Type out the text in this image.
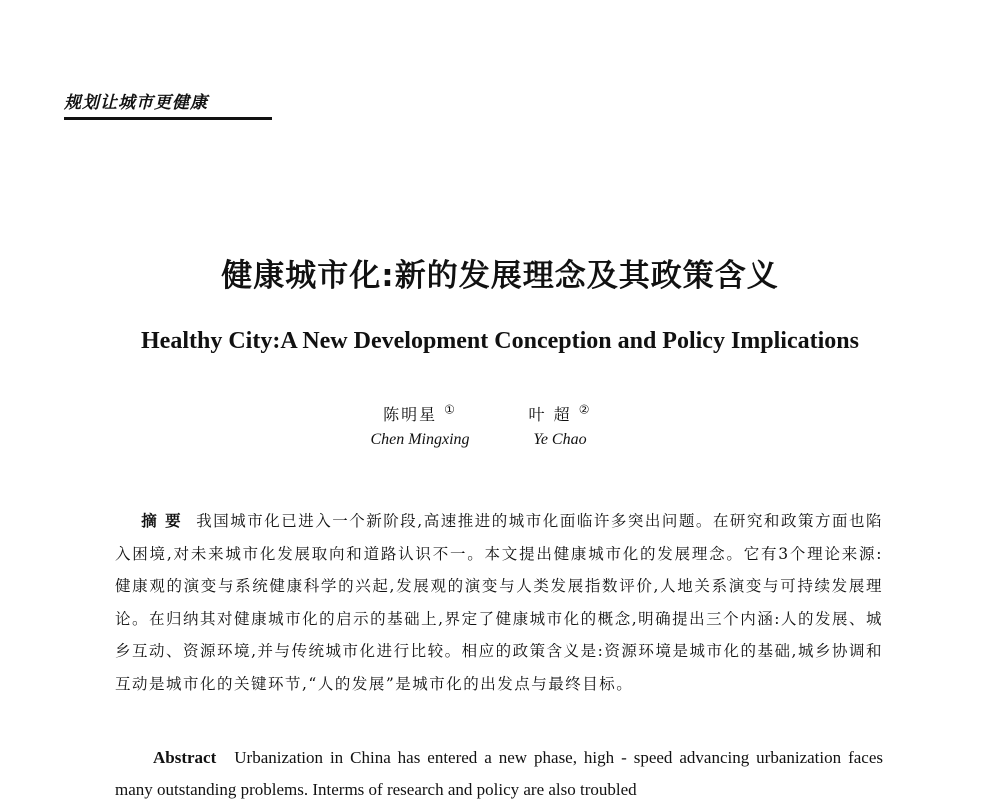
规划让城市更健康
健康城市化:新的发展理念及其政策含义
Healthy City:A New Development Conception and Policy Implications
陈明星 ①
Chen Mingxing
叶 超 ②
Ye Chao
  摘 要 我国城市化已进入一个新阶段,高速推进的城市化面临许多突出问题。在研究和政策方面也陷入困境,对未来城市化发展取向和道路认识不一。本文提出健康城市化的发展理念。它有3个理论来源:健康观的演变与系统健康科学的兴起,发展观的演变与人类发展指数评价,人地关系演变与可持续发展理论。在归纳其对健康城市化的启示的基础上,界定了健康城市化的概念,明确提出三个内涵:人的发展、城乡互动、资源环境,并与传统城市化进行比较。相应的政策含义是:资源环境是城市化的基础,城乡协调和互动是城市化的关键环节,“人的发展”是城市化的出发点与最终目标。
Abstract Urbanization in China has entered a new phase, high - speed advancing urbanization faces many outstanding problems. Interms of research and policy are also troubled
